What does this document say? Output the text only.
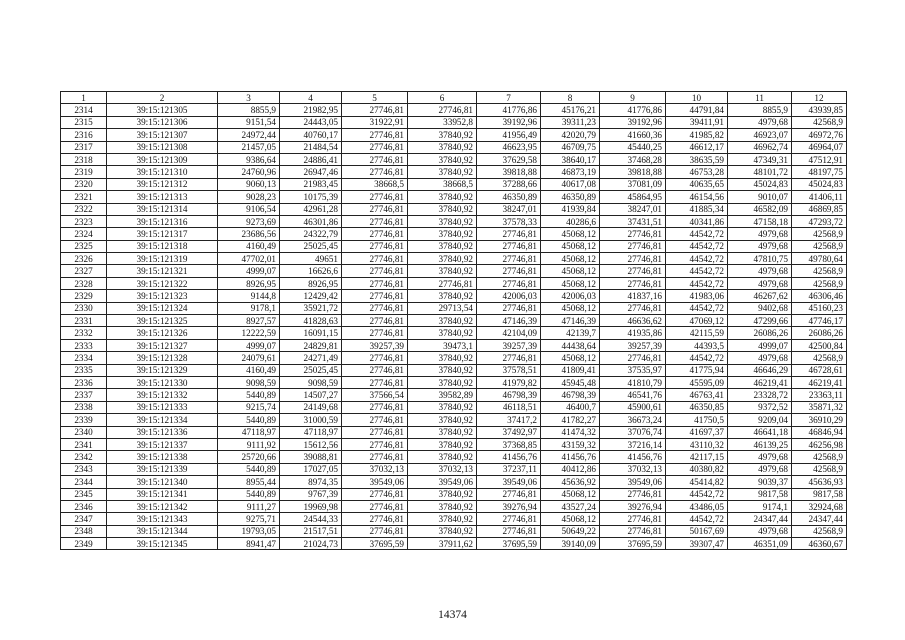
1	2	3	4	5	6	7	8	9	10	11	12
2314	39:15:121305	8855,9	21982,95	27746,81	27746,81	41776,86	45176,21	41776,86	44791,84	8855,9	43939,85
2315	39:15:121306	9151,54	24443,05	31922,91	33952,8	39192,96	39311,23	39192,96	39411,91	4979,68	42568,9
2316	39:15:121307	24972,44	40760,17	27746,81	37840,92	41956,49	42020,79	41660,36	41985,82	46923,07	46972,76
2317	39:15:121308	21457,05	21484,54	27746,81	37840,92	46623,95	46709,75	45440,25	46612,17	46962,74	46964,07
2318	39:15:121309	9386,64	24886,41	27746,81	37840,92	37629,58	38640,17	37468,28	38635,59	47349,31	47512,91
2319	39:15:121310	24760,96	26947,46	27746,81	37840,92	39818,88	46873,19	39818,88	46753,28	48101,72	48197,75
2320	39:15:121312	9060,13	21983,45	38668,5	38668,5	37288,66	40617,08	37081,09	40635,65	45024,83	45024,83
2321	39:15:121313	9028,23	10175,39	27746,81	37840,92	46350,89	46350,89	45864,95	46154,56	9010,07	41406,11
2322	39:15:121314	9106,54	42961,28	27746,81	37840,92	38247,01	41939,84	38247,01	41885,34	46582,09	46869,85
2323	39:15:121316	9273,69	46301,86	27746,81	37840,92	37578,33	40286,6	37431,51	40341,86	47158,18	47293,72
2324	39:15:121317	23686,56	24322,79	27746,81	37840,92	27746,81	45068,12	27746,81	44542,72	4979,68	42568,9
2325	39:15:121318	4160,49	25025,45	27746,81	37840,92	27746,81	45068,12	27746,81	44542,72	4979,68	42568,9
2326	39:15:121319	47702,01	49651	27746,81	37840,92	27746,81	45068,12	27746,81	44542,72	47810,75	49780,64
2327	39:15:121321	4999,07	16626,6	27746,81	37840,92	27746,81	45068,12	27746,81	44542,72	4979,68	42568,9
2328	39:15:121322	8926,95	8926,95	27746,81	27746,81	27746,81	45068,12	27746,81	44542,72	4979,68	42568,9
2329	39:15:121323	9144,8	12429,42	27746,81	37840,92	42006,03	42006,03	41837,16	41983,06	46267,62	46306,46
2330	39:15:121324	9178,1	35921,72	27746,81	29713,54	27746,81	45068,12	27746,81	44542,72	9402,68	45160,23
2331	39:15:121325	8927,57	41828,63	27746,81	37840,92	47146,39	47146,39	46636,62	47069,12	47299,66	47746,17
2332	39:15:121326	12222,59	16091,15	27746,81	37840,92	42104,09	42139,7	41935,86	42115,59	26086,26	26086,26
2333	39:15:121327	4999,07	24829,81	39257,39	39473,1	39257,39	44438,64	39257,39	44393,5	4999,07	42500,84
2334	39:15:121328	24079,61	24271,49	27746,81	37840,92	27746,81	45068,12	27746,81	44542,72	4979,68	42568,9
2335	39:15:121329	4160,49	25025,45	27746,81	37840,92	37578,51	41809,41	37535,97	41775,94	46646,29	46728,61
2336	39:15:121330	9098,59	9098,59	27746,81	37840,92	41979,82	45945,48	41810,79	45595,09	46219,41	46219,41
2337	39:15:121332	5440,89	14507,27	37566,54	39582,89	46798,39	46798,39	46541,76	46763,41	23328,72	23363,11
2338	39:15:121333	9215,74	24149,68	27746,81	37840,92	46118,51	46400,7	45900,61	46350,85	9372,52	35871,32
2339	39:15:121334	5440,89	31000,59	27746,81	37840,92	37417,2	41782,27	36673,24	41750,5	9209,04	36910,29
2340	39:15:121336	47118,97	47118,97	27746,81	37840,92	37492,97	41474,32	37076,74	41697,37	46641,18	46846,94
2341	39:15:121337	9111,92	15612,56	27746,81	37840,92	37368,85	43159,32	37216,14	43110,32	46139,25	46256,98
2342	39:15:121338	25720,66	39088,81	27746,81	37840,92	41456,76	41456,76	41456,76	42117,15	4979,68	42568,9
2343	39:15:121339	5440,89	17027,05	37032,13	37032,13	37237,11	40412,86	37032,13	40380,82	4979,68	42568,9
2344	39:15:121340	8955,44	8974,35	39549,06	39549,06	39549,06	45636,92	39549,06	45414,82	9039,37	45636,93
2345	39:15:121341	5440,89	9767,39	27746,81	37840,92	27746,81	45068,12	27746,81	44542,72	9817,58	9817,58
2346	39:15:121342	9111,27	19969,98	27746,81	37840,92	39276,94	43527,24	39276,94	43486,05	9174,1	32924,68
2347	39:15:121343	9275,71	24544,33	27746,81	37840,92	27746,81	45068,12	27746,81	44542,72	24347,44	24347,44
2348	39:15:121344	19793,05	21517,51	27746,81	37840,92	27746,81	50649,22	27746,81	50167,69	4979,68	42568,9
2349	39:15:121345	8941,47	21024,73	37695,59	37911,62	37695,59	39140,09	37695,59	39307,47	46351,09	46360,67
14374
